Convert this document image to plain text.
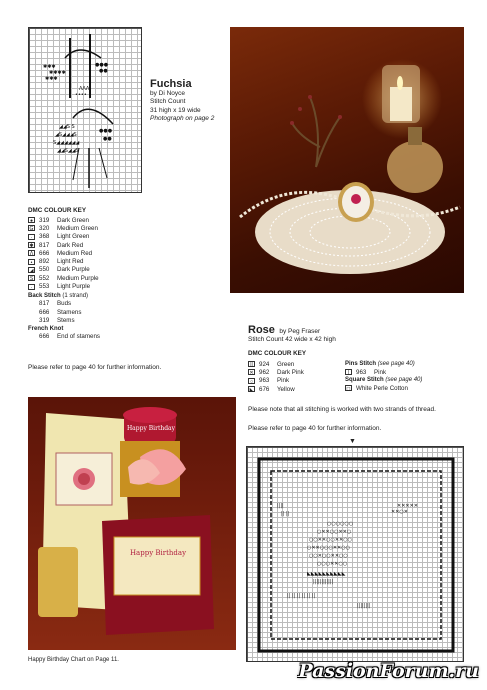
✱✱✱
✱✱✱✱
✱✱✱
●●●
●●
ΛΛΛ
••••
◢◢S S
◢S◢◢◢S
S◢◢◢◢◢◢
◢◢S◢◢S
●●●
●●
Fuchsia
by Di Noyce
Stitch Count
31 high x 19 wide
Photograph on page 2
DMC COLOUR KEY
● 319	Dark Green
G 320	Medium Green
·	368	Light Green
✱ 817	Dark Red
Λ 666	Medium Red
•	892	Light Red
◢ 550	Dark Purple
S 552	Medium Purple
·	553	Light Purple
Back Stitch (1 strand)
817	Buds
666	Stamens
319	Stems
French Knot
666	End of stamens
Please refer to page 40 for further information.
Rose by Peg Fraser
Stitch Count 42 wide x 42 high
DMC COLOUR KEY
||	924	Green
✕ 962	Dark Pink
○ 963	Pink
◣ 676	Yellow
Pins Stitch (see page 40)
|	963	Pink
Square Stitch (see page 40)
◻ White Perle Cotton
Please note that all stitching is worked with two strands of thread.
Please refer to page 40 for further information.
▼
✕✕✕✕✕
✕✕○✕
○○○○○○
○✕✕○○✕✕○
○○✕✕○○✕✕○○
○✕✕○○○✕✕○○
○○✕○○✕✕○○
○○○✕✕○○
◣◣◣◣◣◣◣◣◣◣
||||||||||||
|| || || || || ||
||||||||
||||
|| ||
Happy Birthday
Happy Birthday
Happy Birthday Chart on Page 11.	PassionForum.ru
